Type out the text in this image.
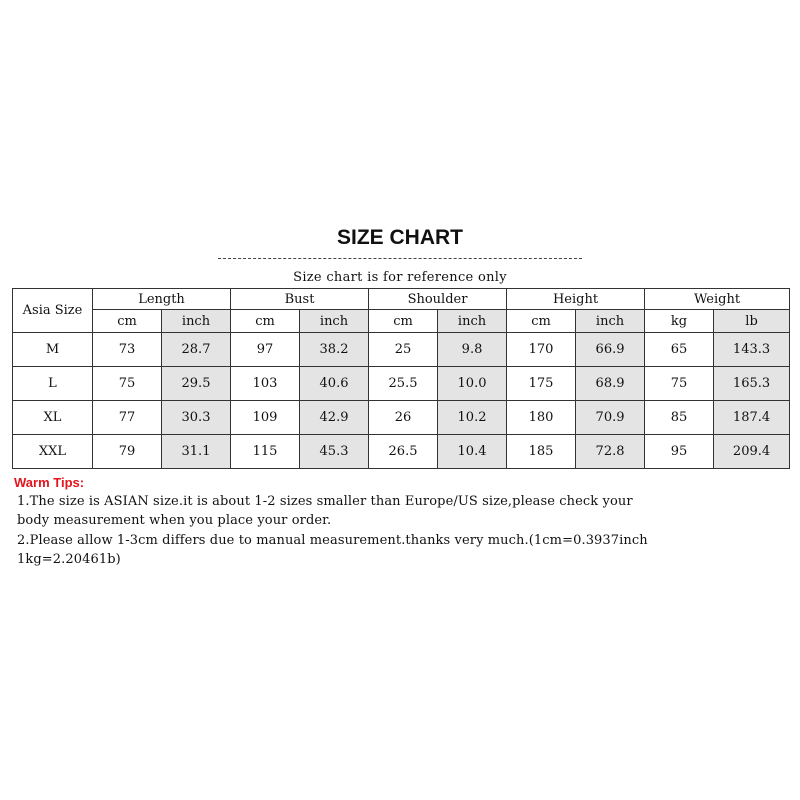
SIZE CHART
Size chart is for reference only
Asia Size	Length		Bust		Shoulder		Height		Weight	
	cm	inch	cm	inch	cm	inch	cm	inch	kg	lb
M	73	28.7	97	38.2	25	9.8	170	66.9	65	143.3
L	75	29.5	103	40.6	25.5	10.0	175	68.9	75	165.3
XL	77	30.3	109	42.9	26	10.2	180	70.9	85	187.4
XXL	79	31.1	115	45.3	26.5	10.4	185	72.8	95	209.4
Warm Tips:
1.The size is ASIAN size.it is about 1-2 sizes smaller than Europe/US size,please check your
body measurement when you place your order.
2.Please allow 1-3cm differs due to manual measurement.thanks very much.(1cm=0.3937inch
1kg=2.20461b)
